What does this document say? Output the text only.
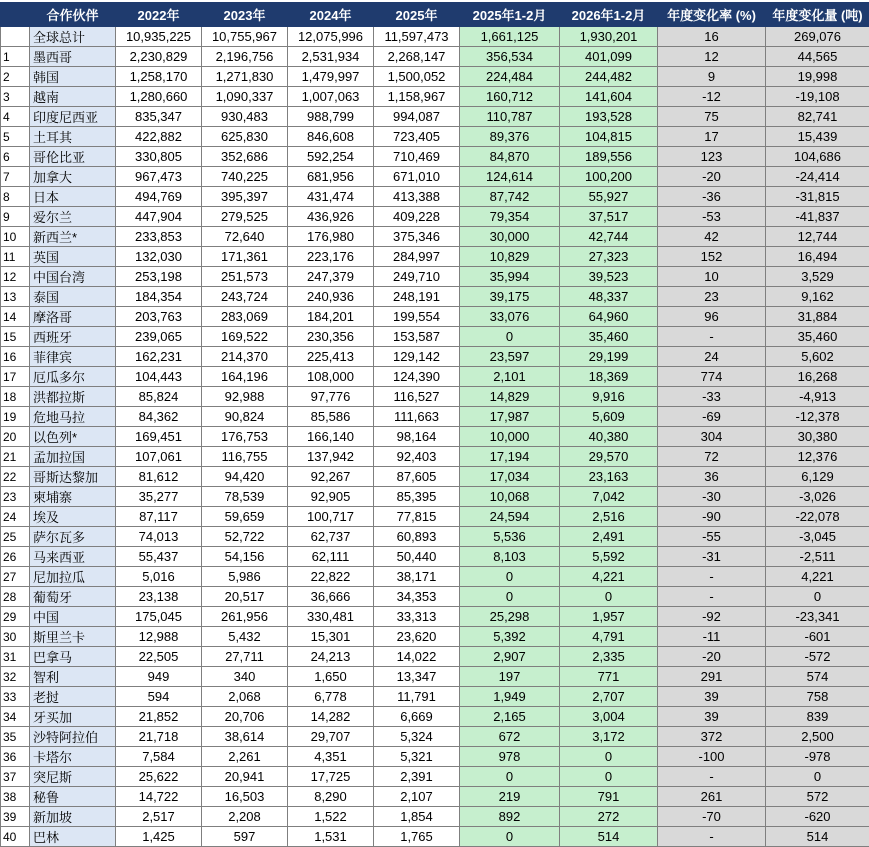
	合作伙伴	2022年	2023年	2024年	2025年	2025年1-2月	2026年1-2月	年度变化率 (%)	年度变化量 (吨)
	全球总计	10,935,225	10,755,967	12,075,996	11,597,473	1,661,125	1,930,201	16	269,076
1	墨西哥	2,230,829	2,196,756	2,531,934	2,268,147	356,534	401,099	12	44,565
2	韩国	1,258,170	1,271,830	1,479,997	1,500,052	224,484	244,482	9	19,998
3	越南	1,280,660	1,090,337	1,007,063	1,158,967	160,712	141,604	-12	-19,108
4	印度尼西亚	835,347	930,483	988,799	994,087	110,787	193,528	75	82,741
5	土耳其	422,882	625,830	846,608	723,405	89,376	104,815	17	15,439
6	哥伦比亚	330,805	352,686	592,254	710,469	84,870	189,556	123	104,686
7	加拿大	967,473	740,225	681,956	671,010	124,614	100,200	-20	-24,414
8	日本	494,769	395,397	431,474	413,388	87,742	55,927	-36	-31,815
9	爱尔兰	447,904	279,525	436,926	409,228	79,354	37,517	-53	-41,837
10	新西兰*	233,853	72,640	176,980	375,346	30,000	42,744	42	12,744
11	英国	132,030	171,361	223,176	284,997	10,829	27,323	152	16,494
12	中国台湾	253,198	251,573	247,379	249,710	35,994	39,523	10	3,529
13	泰国	184,354	243,724	240,936	248,191	39,175	48,337	23	9,162
14	摩洛哥	203,763	283,069	184,201	199,554	33,076	64,960	96	31,884
15	西班牙	239,065	169,522	230,356	153,587	0	35,460	-	35,460
16	菲律宾	162,231	214,370	225,413	129,142	23,597	29,199	24	5,602
17	厄瓜多尔	104,443	164,196	108,000	124,390	2,101	18,369	774	16,268
18	洪都拉斯	85,824	92,988	97,776	116,527	14,829	9,916	-33	-4,913
19	危地马拉	84,362	90,824	85,586	111,663	17,987	5,609	-69	-12,378
20	以色列*	169,451	176,753	166,140	98,164	10,000	40,380	304	30,380
21	孟加拉国	107,061	116,755	137,942	92,403	17,194	29,570	72	12,376
22	哥斯达黎加	81,612	94,420	92,267	87,605	17,034	23,163	36	6,129
23	柬埔寨	35,277	78,539	92,905	85,395	10,068	7,042	-30	-3,026
24	埃及	87,117	59,659	100,717	77,815	24,594	2,516	-90	-22,078
25	萨尔瓦多	74,013	52,722	62,737	60,893	5,536	2,491	-55	-3,045
26	马来西亚	55,437	54,156	62,111	50,440	8,103	5,592	-31	-2,511
27	尼加拉瓜	5,016	5,986	22,822	38,171	0	4,221	-	4,221
28	葡萄牙	23,138	20,517	36,666	34,353	0	0	-	0
29	中国	175,045	261,956	330,481	33,313	25,298	1,957	-92	-23,341
30	斯里兰卡	12,988	5,432	15,301	23,620	5,392	4,791	-11	-601
31	巴拿马	22,505	27,711	24,213	14,022	2,907	2,335	-20	-572
32	智利	949	340	1,650	13,347	197	771	291	574
33	老挝	594	2,068	6,778	11,791	1,949	2,707	39	758
34	牙买加	21,852	20,706	14,282	6,669	2,165	3,004	39	839
35	沙特阿拉伯	21,718	38,614	29,707	5,324	672	3,172	372	2,500
36	卡塔尔	7,584	2,261	4,351	5,321	978	0	-100	-978
37	突尼斯	25,622	20,941	17,725	2,391	0	0	-	0
38	秘鲁	14,722	16,503	8,290	2,107	219	791	261	572
39	新加坡	2,517	2,208	1,522	1,854	892	272	-70	-620
40	巴林	1,425	597	1,531	1,765	0	514	-	514
